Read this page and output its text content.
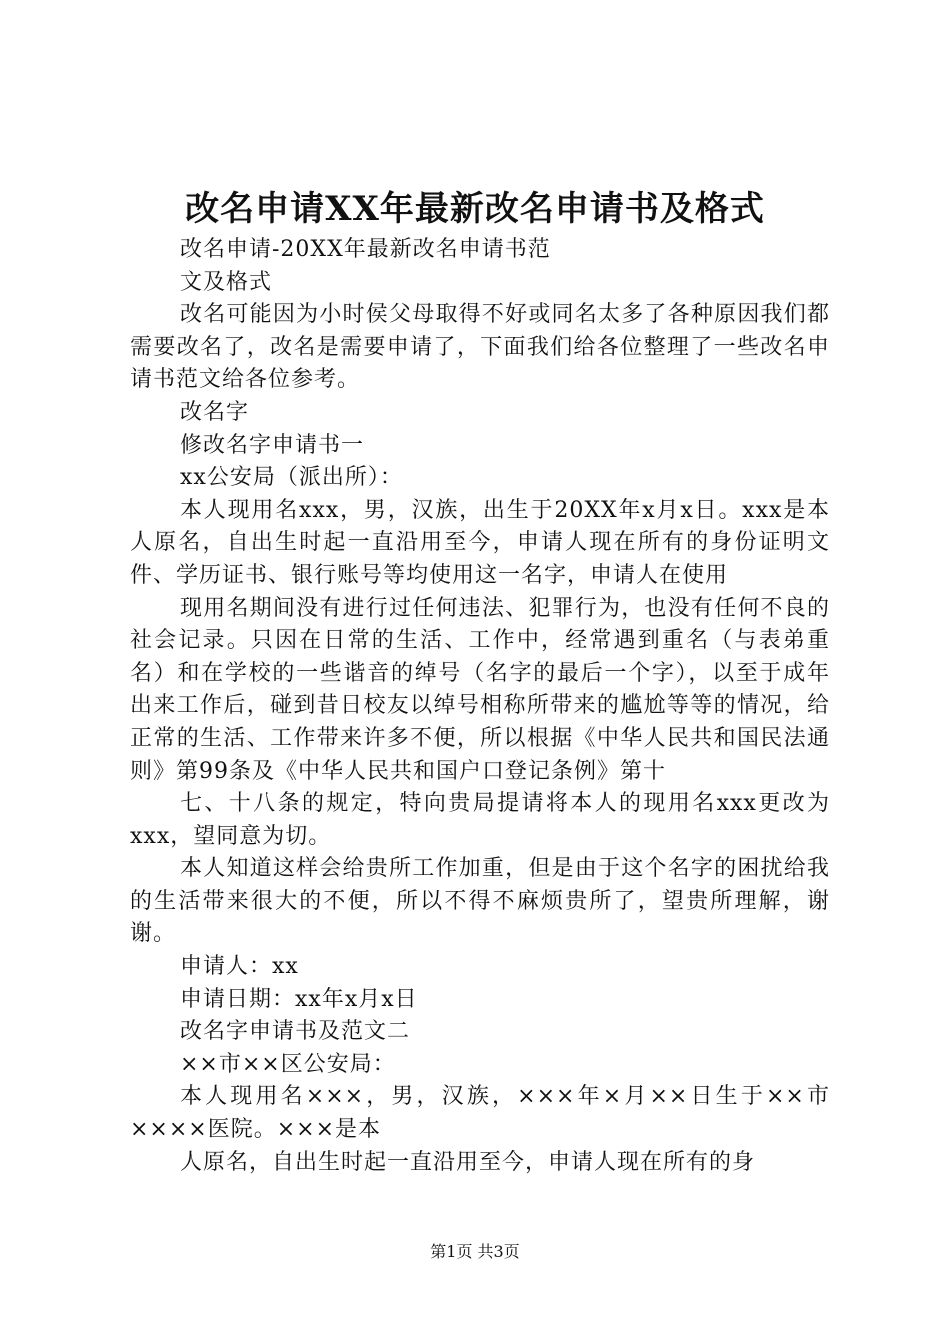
改名申请XX年最新改名申请书及格式

改名申请-20XX年最新改名申请书范

文及格式

改名可能因为小时侯父母取得不好或同名太多了各种原因我们都需要改名了，改名是需要申请了，下面我们给各位整理了一些改名申请书范文给各位参考。

改名字

修改名字申请书一

xx公安局（派出所）：

本人现用名xxx，男，汉族，出生于20XX年x月x日。xxx是本人原名，自出生时起一直沿用至今，申请人现在所有的身份证明文件、学历证书、银行账号等均使用这一名字，申请人在使用

现用名期间没有进行过任何违法、犯罪行为，也没有任何不良的社会记录。只因在日常的生活、工作中，经常遇到重名（与表弟重名）和在学校的一些谐音的绰号（名字的最后一个字），以至于成年出来工作后，碰到昔日校友以绰号相称所带来的尴尬等等的情况，给正常的生活、工作带来许多不便，所以根据《中华人民共和国民法通则》第99条及《中华人民共和国户口登记条例》第十

七、十八条的规定，特向贵局提请将本人的现用名xxx更改为xxx，望同意为切。

本人知道这样会给贵所工作加重，但是由于这个名字的困扰给我的生活带来很大的不便，所以不得不麻烦贵所了，望贵所理解，谢谢。

申请人：xx

申请日期：xx年x月x日

改名字申请书及范文二

××市××区公安局：

本人现用名×××，男，汉族，×××年×月××日生于××市××××医院。×××是本

人原名，自出生时起一直沿用至今，申请人现在所有的身

第1页 共3页
